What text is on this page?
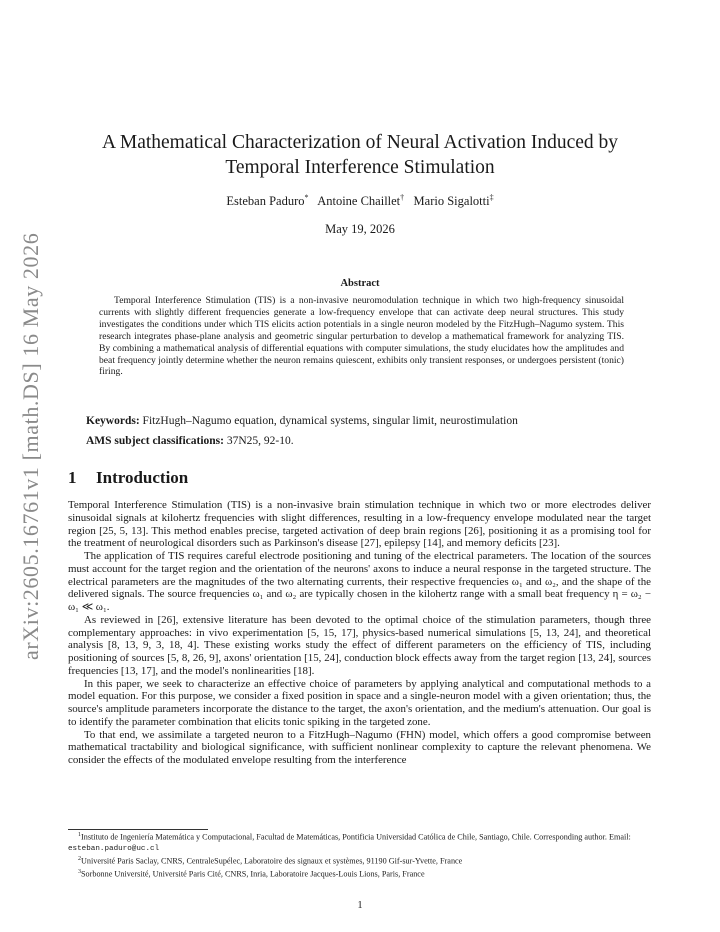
arXiv:2605.16761v1 [math.DS] 16 May 2026
A Mathematical Characterization of Neural Activation Induced by
Temporal Interference Stimulation
Esteban Paduro* Antoine Chaillet† Mario Sigalotti‡
May 19, 2026
Abstract
Temporal Interference Stimulation (TIS) is a non-invasive neuromodulation technique in which two high-frequency sinusoidal currents with slightly different frequencies generate a low-frequency envelope that can activate deep neural structures. This study investigates the conditions under which TIS elicits action potentials in a single neuron modeled by the FitzHugh–Nagumo system. This research integrates phase-plane analysis and geometric singular perturbation to develop a mathematical framework for analyzing TIS. By combining a mathematical analysis of differential equations with computer simulations, the study elucidates how the amplitudes and beat frequency jointly determine whether the neuron remains quiescent, exhibits only transient responses, or undergoes persistent (tonic) firing.
Keywords: FitzHugh–Nagumo equation, dynamical systems, singular limit, neurostimulation
AMS subject classifications: 37N25, 92-10.
1 Introduction

Temporal Interference Stimulation (TIS) is a non-invasive brain stimulation technique in which two or more electrodes deliver sinusoidal signals at kilohertz frequencies with slight differences, resulting in a low-frequency envelope modulated near the target region [25, 5, 13]. This method enables precise, targeted activation of deep brain regions [26], positioning it as a promising tool for the treatment of neurological disorders such as Parkinson's disease [27], epilepsy [14], and memory deficits [23].

The application of TIS requires careful electrode positioning and tuning of the electrical parameters. The location of the sources must account for the target region and the orientation of the neurons' axons to induce a neural response in the targeted structure. The electrical parameters are the magnitudes of the two alternating currents, their respective frequencies ω₁ and ω₂, and the shape of the delivered signals. The source frequencies ω₁ and ω₂ are typically chosen in the kilohertz range with a small beat frequency η = ω₂ − ω₁ ≪ ω₁.

As reviewed in [26], extensive literature has been devoted to the optimal choice of the stimulation parameters, though three complementary approaches: in vivo experimentation [5, 15, 17], physics-based numerical simulations [5, 13, 24], and theoretical analysis [8, 13, 9, 3, 18, 4]. These existing works study the effect of different parameters on the efficiency of TIS, including positioning of sources [5, 8, 26, 9], axons' orientation [15, 24], conduction block effects away from the target region [13, 24], sources frequencies [13, 17], and the model's nonlinearities [18].

In this paper, we seek to characterize an effective choice of parameters by applying analytical and computational methods to a model equation. For this purpose, we consider a fixed position in space and a single-neuron model with a given orientation; thus, the source's amplitude parameters incorporate the distance to the target, the axon's orientation, and the medium's attenuation. Our goal is to identify the parameter combination that elicits tonic spiking in the targeted zone.

To that end, we assimilate a targeted neuron to a FitzHugh–Nagumo (FHN) model, which offers a good compromise between mathematical tractability and biological significance, with sufficient nonlinear complexity to capture the relevant phenomena. We consider the effects of the modulated envelope resulting from the interference

$^1$Instituto de Ingeniería Matemática y Computacional, Facultad de Matemáticas, Pontificia Universidad Católica de Chile, Santiago, Chile. Corresponding author. Email: esteban.paduro@uc.cl
$^2$Université Paris Saclay, CNRS, CentraleSupélec, Laboratoire des signaux et systèmes, 91190 Gif-sur-Yvette, France
$^3$Sorbonne Université, Université Paris Cité, CNRS, Inria, Laboratoire Jacques-Louis Lions, Paris, France
1
